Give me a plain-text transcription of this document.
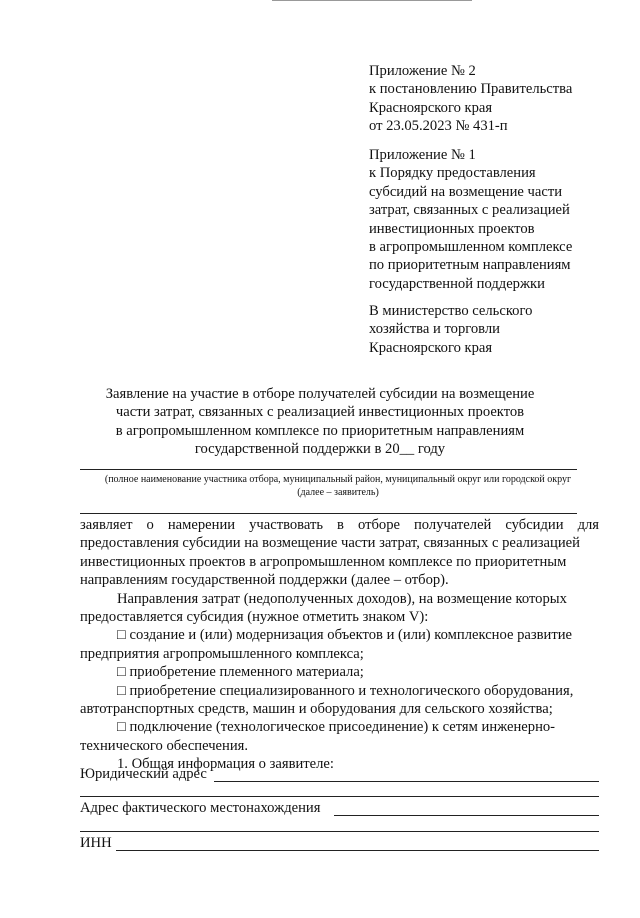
Приложение № 2
к постановлению Правительства
Красноярского края
от 23.05.2023 № 431-п
Приложение № 1
к Порядку предоставления
субсидий на возмещение части
затрат, связанных с реализацией
инвестиционных проектов
в агропромышленном комплексе
по приоритетным направлениям
государственной поддержки
В министерство сельского
хозяйства и торговли
Красноярского края
Заявление на участие в отборе получателей субсидии на возмещение
части затрат, связанных с реализацией инвестиционных проектов
в агропромышленном комплексе по приоритетным направлениям
государственной поддержки в 20__ году
(полное наименование участника отбора, муниципальный район, муниципальный округ или городской округ
(далее – заявитель)
заявляет о намерении участвовать в отборе получателей субсидии для
предоставления субсидии на возмещение части затрат, связанных с реализацией
инвестиционных проектов в агропромышленном комплексе по приоритетным
направлениям государственной поддержки (далее – отбор).
Направления затрат (недополученных доходов), на возмещение которых
предоставляется субсидия (нужное отметить знаком V):
□ создание и (или) модернизация объектов и (или) комплексное развитие
предприятия агропромышленного комплекса;
□ приобретение племенного материала;
□ приобретение специализированного и технологического оборудования,
автотранспортных средств, машин и оборудования для сельского хозяйства;
□ подключение (технологическое присоединение) к сетям инженерно-
технического обеспечения.
1. Общая информация о заявителе:
Юридический адрес
Адрес фактического местонахождения
ИНН
